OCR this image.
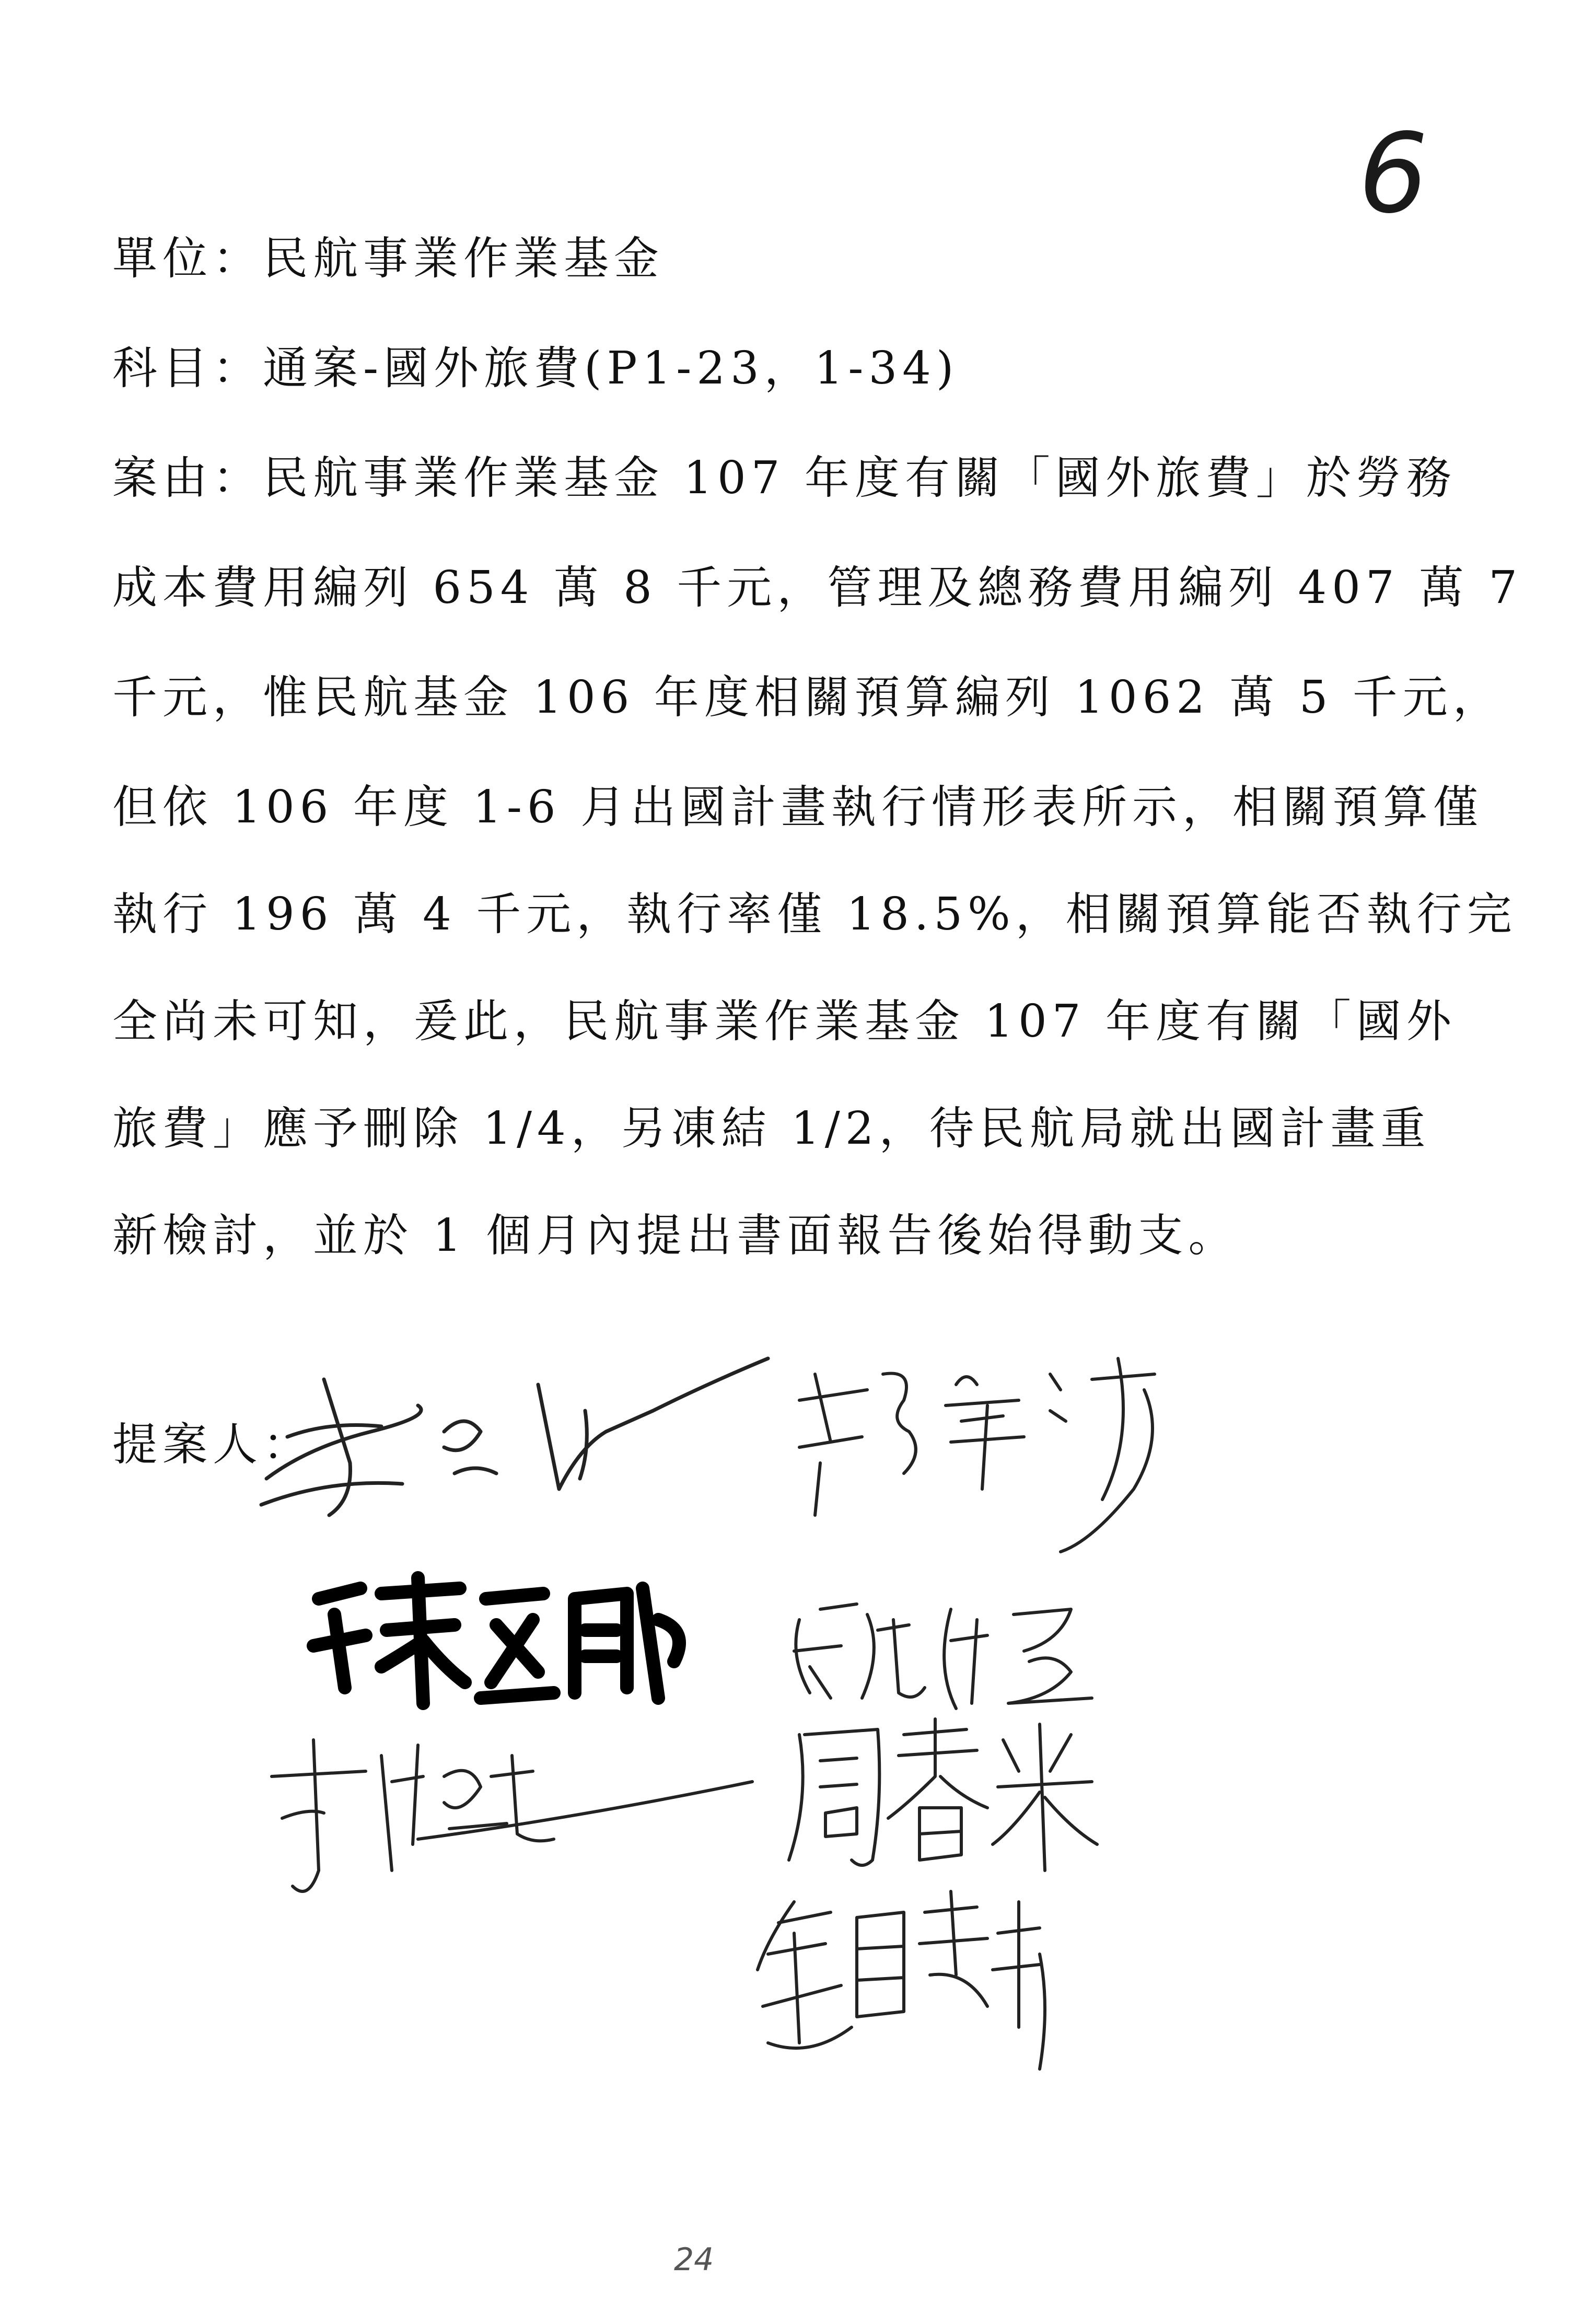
6
單位：民航事業作業基金
科目：通案-國外旅費(P1-23，1-34)
案由：民航事業作業基金 107 年度有關「國外旅費」於勞務
成本費用編列 654 萬 8 千元，管理及總務費用編列 407 萬 7
千元，惟民航基金 106 年度相關預算編列 1062 萬 5 千元，
但依 106 年度 1-6 月出國計畫執行情形表所示，相關預算僅
執行 196 萬 4 千元，執行率僅 18.5%，相關預算能否執行完
全尚未可知，爰此，民航事業作業基金 107 年度有關「國外
旅費」應予刪除 1/4，另凍結 1/2，待民航局就出國計畫重
新檢討，並於 1 個月內提出書面報告後始得動支。
提案人：
24
